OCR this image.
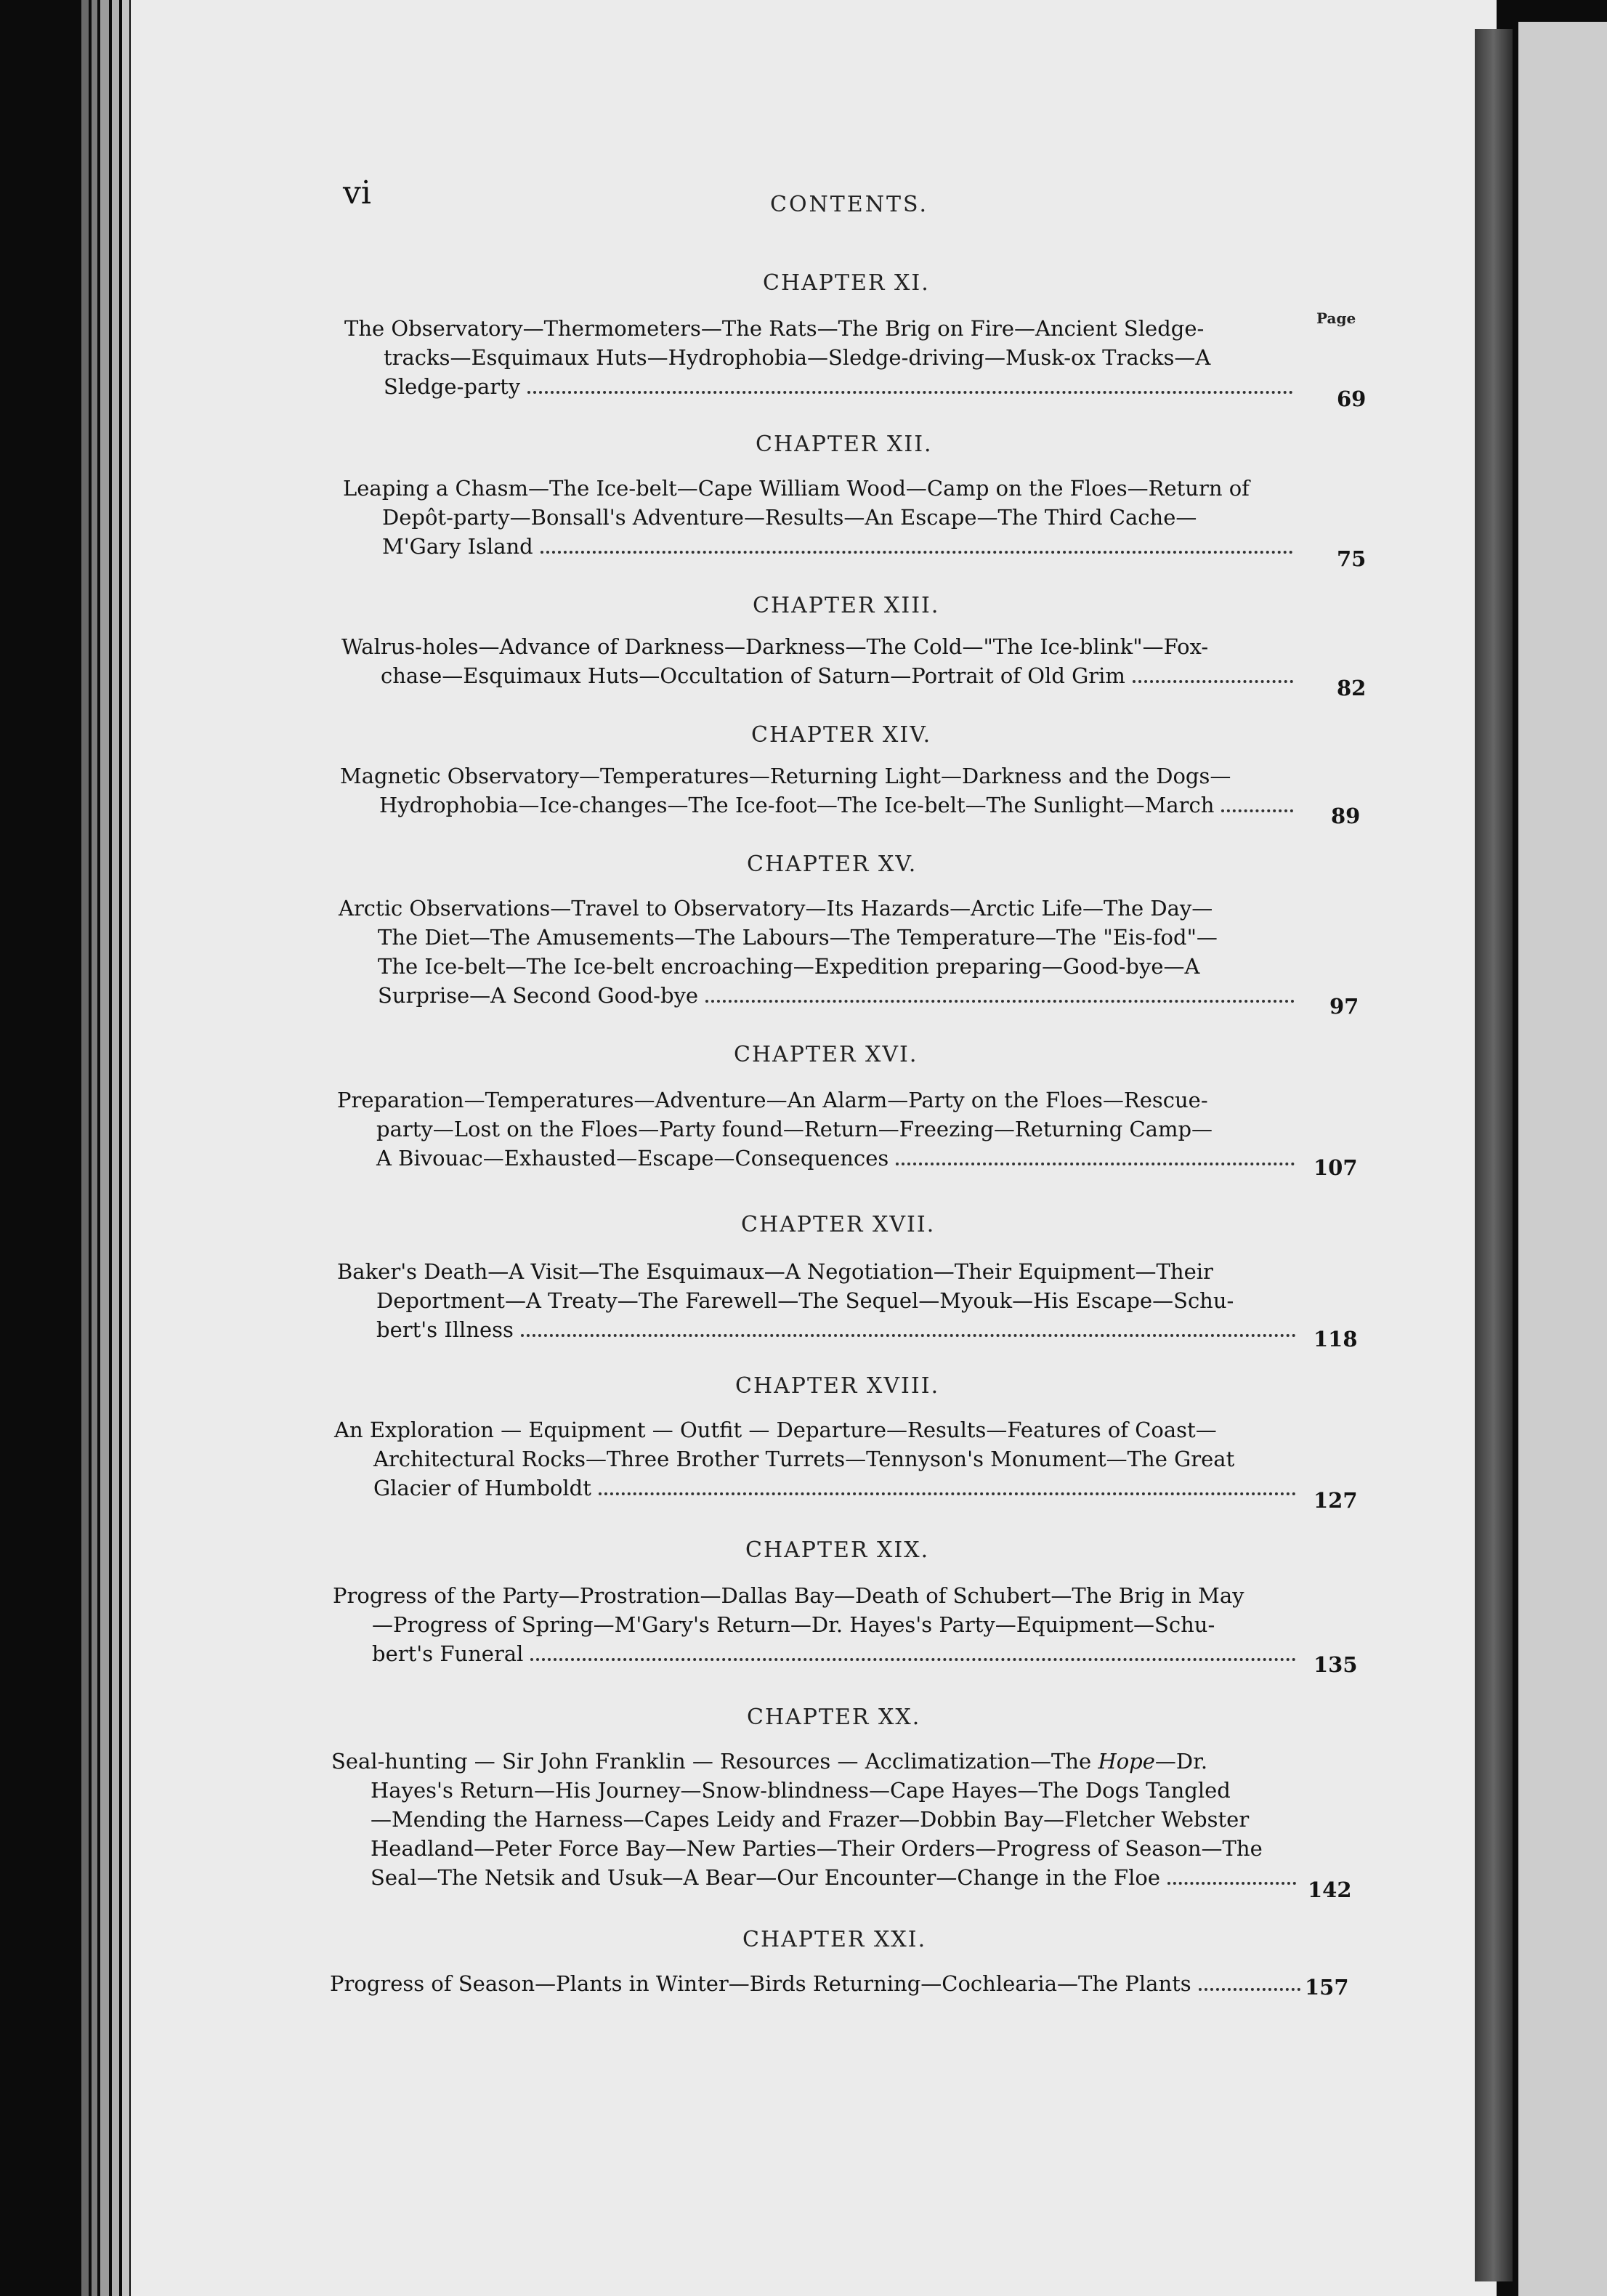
vi	CONTENTS.
Page
CHAPTER XI.
The Observatory—Thermometers—The Rats—The Brig on Fire—Ancient Sledge-
tracks—Esquimaux Huts—Hydrophobia—Sledge-driving—Musk-ox Tracks—A
Sledge-party	69
CHAPTER XII.
Leaping a Chasm—The Ice-belt—Cape William Wood—Camp on the Floes—Return of
Depôt-party—Bonsall's Adventure—Results—An Escape—The Third Cache—
M'Gary Island	75
CHAPTER XIII.
Walrus-holes—Advance of Darkness—Darkness—The Cold—"The Ice-blink"—Fox-
chase—Esquimaux Huts—Occultation of Saturn—Portrait of Old Grim	82
CHAPTER XIV.
Magnetic Observatory—Temperatures—Returning Light—Darkness and the Dogs—
Hydrophobia—Ice-changes—The Ice-foot—The Ice-belt—The Sunlight—March	89
CHAPTER XV.
Arctic Observations—Travel to Observatory—Its Hazards—Arctic Life—The Day—
The Diet—The Amusements—The Labours—The Temperature—The "Eis-fod"—
The Ice-belt—The Ice-belt encroaching—Expedition preparing—Good-bye—A
Surprise—A Second Good-bye	97
CHAPTER XVI.
Preparation—Temperatures—Adventure—An Alarm—Party on the Floes—Rescue-
party—Lost on the Floes—Party found—Return—Freezing—Returning Camp—
A Bivouac—Exhausted—Escape—Consequences	107
CHAPTER XVII.
Baker's Death—A Visit—The Esquimaux—A Negotiation—Their Equipment—Their
Deportment—A Treaty—The Farewell—The Sequel—Myouk—His Escape—Schu-
bert's Illness	118
CHAPTER XVIII.
An Exploration — Equipment — Outfit — Departure—Results—Features of Coast—
Architectural Rocks—Three Brother Turrets—Tennyson's Monument—The Great
Glacier of Humboldt	127
CHAPTER XIX.
Progress of the Party—Prostration—Dallas Bay—Death of Schubert—The Brig in May
—Progress of Spring—M'Gary's Return—Dr. Hayes's Party—Equipment—Schu-
bert's Funeral	135
CHAPTER XX.
Seal-hunting — Sir John Franklin — Resources — Acclimatization—The Hope—Dr.
Hayes's Return—His Journey—Snow-blindness—Cape Hayes—The Dogs Tangled
—Mending the Harness—Capes Leidy and Frazer—Dobbin Bay—Fletcher Webster
Headland—Peter Force Bay—New Parties—Their Orders—Progress of Season—The
Seal—The Netsik and Usuk—A Bear—Our Encounter—Change in the Floe	142
CHAPTER XXI.
Progress of Season—Plants in Winter—Birds Returning—Cochlearia—The Plants	157
